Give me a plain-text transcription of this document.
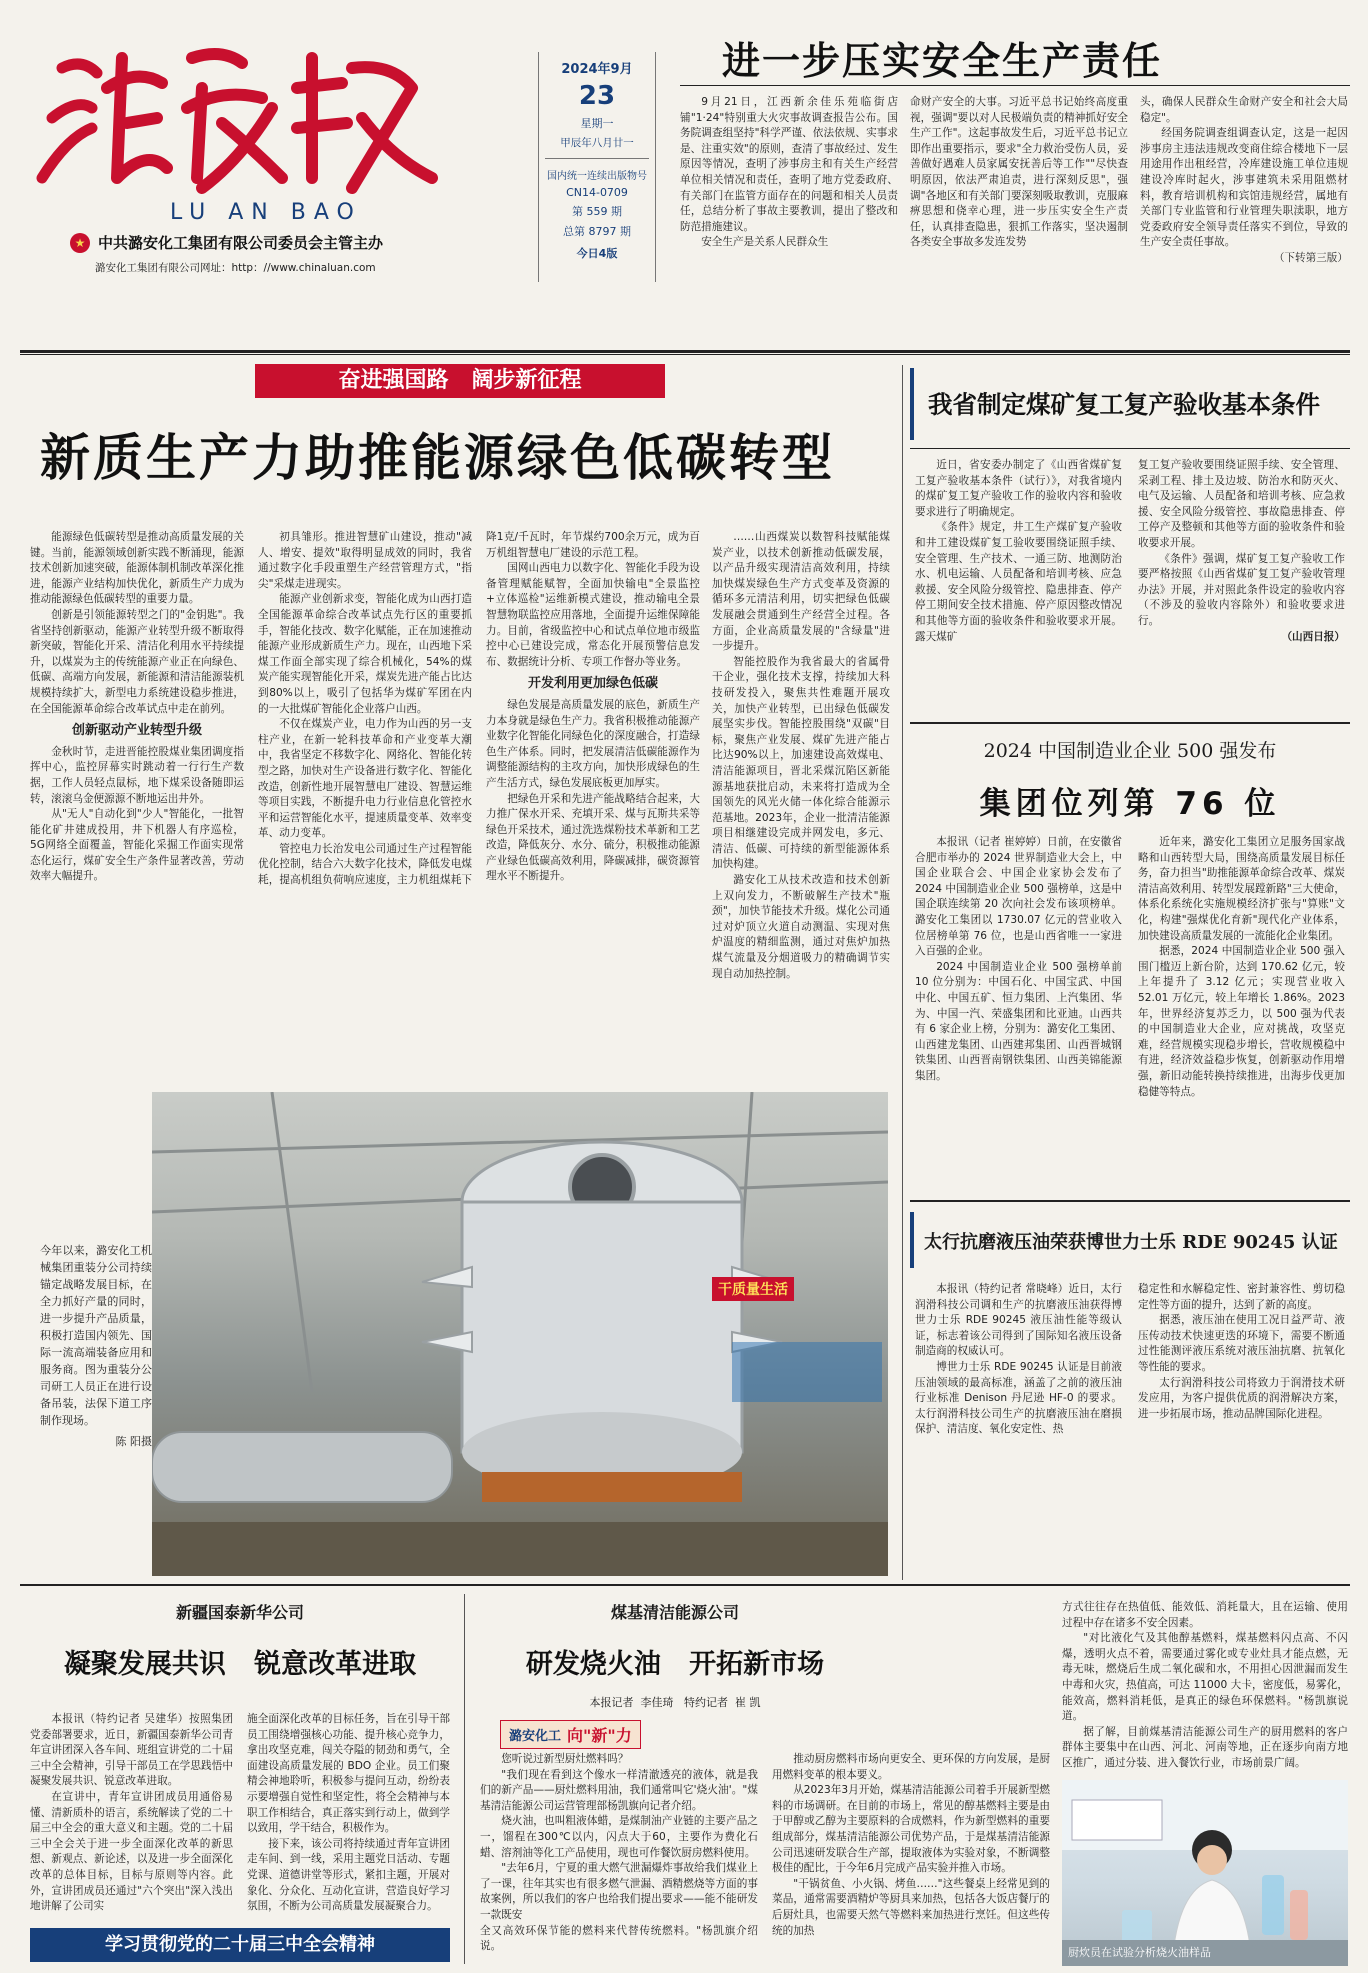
LU AN BAO
★ 中共潞安化工集团有限公司委员会主管主办
潞安化工集团有限公司网址：http：//www.chinaluan.com
2024年9月
23
星期一
甲辰年八月廿一
国内统一连续出版物号
CN14-0709
第 559 期
总第 8797 期
今日4版
进一步压实安全生产责任

9月21日，江西新余佳乐苑临街店铺"1·24"特别重大火灾事故调查报告公布。国务院调查组坚持"科学严谨、依法依规、实事求是、注重实效"的原则，查清了事故经过、发生原因等情况，查明了涉事房主和有关生产经营单位相关情况和责任，查明了地方党委政府、有关部门在监管方面存在的问题和相关人员责任，总结分析了事故主要教训，提出了整改和防范措施建议。

安全生产是关系人民群众生

命财产安全的大事。习近平总书记始终高度重视，强调"要以对人民极端负责的精神抓好安全生产工作"。这起事故发生后，习近平总书记立即作出重要指示，要求"全力救治受伤人员，妥善做好遇难人员家属安抚善后等工作""尽快查明原因，依法严肃追责，进行深刻反思"，强调"各地区和有关部门要深刻吸取教训，克服麻痹思想和侥幸心理，进一步压实安全生产责任，认真排查隐患，狠抓工作落实，坚决遏制各类安全事故多发连发势

头，确保人民群众生命财产安全和社会大局稳定"。

经国务院调查组调查认定，这是一起因涉事房主违法违规改变商住综合楼地下一层用途用作出租经营，冷库建设施工单位违规建设冷库时起火，涉事建筑未采用阻燃材料，教育培训机构和宾馆违规经营，属地有关部门专业监管和行业管理失职渎职，地方党委政府安全领导责任落实不到位，导致的生产安全责任事故。

（下转第三版）
奋进强国路   阔步新征程
新质生产力助推能源绿色低碳转型

能源绿色低碳转型是推动高质量发展的关键。当前，能源领域创新实践不断涌现，能源技术创新加速突破，能源体制机制改革深化推进，能源产业结构加快优化，新质生产力成为推动能源绿色低碳转型的重要力量。

创新是引领能源转型之门的"金钥匙"。我省坚持创新驱动，能源产业转型升级不断取得新突破，智能化开采、清洁化利用水平持续提升，以煤炭为主的传统能源产业正在向绿色、低碳、高端方向发展，新能源和清洁能源装机规模持续扩大，新型电力系统建设稳步推进，在全国能源革命综合改革试点中走在前列。

创新驱动产业转型升级

金秋时节，走进晋能控股煤业集团调度指挥中心，监控屏幕实时跳动着一行行生产数据，工作人员轻点鼠标，地下煤采设备随即运转，滚滚乌金便源源不断地运出井外。

从"无人"自动化到"少人"智能化，一批智能化矿井建成投用，井下机器人有序巡检，5G网络全面覆盖，智能化采掘工作面实现常态化运行，煤矿安全生产条件显著改善，劳动效率大幅提升。

初具雏形。推进智慧矿山建设，推动"减人、增安、提效"取得明显成效的同时，我省通过数字化手段重塑生产经营管理方式，"指尖"采煤走进现实。

能源产业创新求变，智能化成为山西打造全国能源革命综合改革试点先行区的重要抓手，智能化技改、数字化赋能，正在加速推动能源产业形成新质生产力。现在，山西地下采煤工作面全部实现了综合机械化，54%的煤炭产能实现智能化开采，煤炭先进产能占比达到80%以上，吸引了包括华为煤矿军团在内的一大批煤矿智能化企业落户山西。

不仅在煤炭产业，电力作为山西的另一支柱产业，在新一轮科技革命和产业变革大潮中，我省坚定不移数字化、网络化、智能化转型之路，加快对生产设备进行数字化、智能化改造，创新性地开展智慧电厂建设、智慧运维等项目实践，不断提升电力行业信息化管控水平和运营智能化水平，提速质量变革、效率变革、动力变革。

管控电力长治发电公司通过生产过程智能优化控制，结合六大数字化技术，降低发电煤耗，提高机组负荷响应速度，主力机组煤耗下降1克/千瓦时，年节煤约700余万元，成为百万机组智慧电厂建设的示范工程。

国网山西电力以数字化、智能化手段为设备管理赋能赋智，全面加快输电"全景监控+立体巡检"运维新模式建设，推动输电全景智慧物联监控应用落地，全面提升运维保障能力。目前，省级监控中心和试点单位地市级监控中心已建设完成，常态化开展预警信息发布、数据统计分析、专项工作督办等业务。

开发利用更加绿色低碳

绿色发展是高质量发展的底色，新质生产力本身就是绿色生产力。我省积极推动能源产业数字化智能化同绿色化的深度融合，打造绿色生产体系。同时，把发展清洁低碳能源作为调整能源结构的主攻方向，加快形成绿色的生产生活方式，绿色发展底板更加厚实。

把绿色开采和先进产能战略结合起来，大力推广保水开采、充填开采、煤与瓦斯共采等绿色开采技术，通过洗选煤粉技术革新和工艺改造，降低灰分、水分、硫分，积极推动能源产业绿色低碳高效利用，降碳减排，碳资源管理水平不断提升。

……山西煤炭以数智科技赋能煤炭产业，以技术创新推动低碳发展，以产品升级实现清洁高效利用，持续加快煤炭绿色生产方式变革及资源的循环多元清洁利用，切实把绿色低碳发展融会贯通到生产经营全过程。各方面，企业高质量发展的"含绿量"进一步提升。

智能控股作为我省最大的省属骨干企业，强化技术支撑，持续加大科技研发投入，聚焦共性难题开展攻关，加快产业转型，已出绿色低碳发展坚实步伐。智能控股围绕"双碳"目标，聚焦产业发展、煤矿先进产能占比达90%以上，加速建设高效煤电、清洁能源项目，晋北采煤沉陷区新能源基地获批启动，未来将打造成为全国领先的风光火储一体化综合能源示范基地。2023年，企业一批清洁能源项目相继建设完成并网发电，多元、清洁、低碳、可持续的新型能源体系加快构建。

潞安化工从技术改造和技术创新上双向发力，不断破解生产技术"瓶颈"，加快节能技术升级。煤化公司通过对炉顶立火道自动测温、实现对焦炉温度的精细监测，通过对焦炉加热煤气流量及分烟道吸力的精确调节实现自动加热控制。

今年以来，潞安化工机械集团重装分公司持续锚定战略发展目标，在全力抓好产量的同时，进一步提升产品质量，积极打造国内领先、国际一流高端装备应用和服务商。图为重装分公司研工人员正在进行设备吊装，法保下道工序制作现场。
陈 阳摄
干质量生活
我省制定煤矿复工复产验收基本条件

近日，省安委办制定了《山西省煤矿复工复产验收基本条件（试行）》，对我省境内的煤矿复工复产验收工作的验收内容和验收要求进行了明确规定。

《条件》规定，井工生产煤矿复产验收和井工建设煤矿复工验收要围绕证照手续、安全管理、生产技术、一通三防、地测防治水、机电运输、人员配备和培训考核、应急救援、安全风险分级管控、隐患排查、停产停工期间安全技术措施、停产原因整改情况和其他等方面的验收条件和验收要求开展。露天煤矿

复工复产验收要围绕证照手续、安全管理、采剥工程、排土及边坡、防治水和防灭火、电气及运输、人员配备和培训考核、应急救援、安全风险分级管控、事故隐患排查、停工停产及整顿和其他等方面的验收条件和验收要求开展。

《条件》强调，煤矿复工复产验收工作要严格按照《山西省煤矿复工复产验收管理办法》开展，并对照此条件设定的验收内容（不涉及的验收内容除外）和验收要求进行。

（山西日报）
2024 中国制造业企业 500 强发布
集团位列第 76 位

本报讯（记者 崔婷婷）日前，在安徽省合肥市举办的 2024 世界制造业大会上，中国企业联合会、中国企业家协会发布了 2024 中国制造业企业 500 强榜单，这是中国企联连续第 20 次向社会发布该项榜单。潞安化工集团以 1730.07 亿元的营业收入位居榜单第 76 位，也是山西省唯一一家进入百强的企业。

2024 中国制造业企业 500 强榜单前 10 位分别为：中国石化、中国宝武、中国中化、中国五矿、恒力集团、上汽集团、华为、中国一汽、荣盛集团和比亚迪。山西共有 6 家企业上榜，分别为：潞安化工集团、山西建龙集团、山西建邦集团、山西晋城钢铁集团、山西晋南钢铁集团、山西美锦能源集团。

近年来，潞安化工集团立足服务国家战略和山西转型大局，围绕高质量发展目标任务，奋力担当"助推能源革命综合改革、煤炭清洁高效利用、转型发展蹚新路"三大使命，体系化系统化实施规模经济扩张与"算账"文化，构建"强煤优化育新"现代化产业体系，加快建设高质量发展的一流能化企业集团。

据悉，2024 中国制造业企业 500 强入围门槛迈上新台阶，达到 170.62 亿元，较上年提升了 3.12 亿元；实现营业收入 52.01 万亿元，较上年增长 1.86%。2023 年，世界经济复苏乏力，以 500 强为代表的中国制造业大企业，应对挑战，攻坚克难，经营规模实现稳步增长，营收规模稳中有进，经济效益稳步恢复，创新驱动作用增强，新旧动能转换持续推进，出海步伐更加稳健等特点。

太行抗磨液压油荣获博世力士乐 RDE 90245 认证

本报讯（特约记者 常晓峰）近日，太行润滑科技公司调和生产的抗磨液压油获得博世力士乐 RDE 90245 液压油性能等级认证，标志着该公司得到了国际知名液压设备制造商的权威认可。

博世力士乐 RDE 90245 认证是目前液压油领域的最高标准，涵盖了之前的液压油行业标准 Denison 丹尼逊 HF-0 的要求。太行润滑科技公司生产的抗磨液压油在磨损保护、清洁度、氧化安定性、热

稳定性和水解稳定性、密封兼容性、剪切稳定性等方面的提升，达到了新的高度。

据悉，液压油在使用工况日益严苛、液压传动技术快速更迭的环境下，需要不断通过性能测评液压系统对液压油抗磨、抗氧化等性能的要求。

太行润滑科技公司将致力于润滑技术研发应用，为客户提供优质的润滑解决方案，进一步拓展市场，推动品牌国际化进程。

新疆国泰新华公司
凝聚发展共识   锐意改革进取

本报讯（特约记者 吴建华）按照集团党委部署要求，近日，新疆国泰新华公司青年宣讲团深入各车间、班组宣讲党的二十届三中全会精神，引导干部员工在学思践悟中凝聚发展共识、锐意改革进取。

在宣讲中，青年宣讲团成员用通俗易懂、清新质朴的语言，系统解读了党的二十届三中全会的重大意义和主题。党的二十届三中全会关于进一步全面深化改革的新思想、新观点、新论述，以及进一步全面深化改革的总体目标，目标与原则等内容。此外，宣讲团成员还通过"六个突出"深入浅出地讲解了公司实

施全面深化改革的目标任务，旨在引导干部员工围绕增强核心功能、提升核心竞争力，拿出攻坚克难，闯关夺隘的韧劲和勇气，全面建设高质量发展的 BDO 企业。员工们聚精会神地聆听，积极参与提问互动，纷纷表示要增强自觉性和坚定性，将全会精神与本职工作相结合，真正落实到行动上，做到学以致用，学干结合，积极作为。

接下来，该公司将持续通过青年宣讲团走车间、到一线，采用主题党日活动、专题党课、道德讲堂等形式，紧扣主题，开展对象化、分众化、互动化宣讲，营造良好学习氛围，不断为公司高质量发展凝聚合力。

学习贯彻党的二十届三中全会精神
煤基清洁能源公司
研发烧火油   开拓新市场
本报记者  李佳琦   特约记者  崔 凯
潞安化工 向"新"力

您听说过新型厨灶燃料吗？

"我们现在看到这个像水一样清澈透亮的液体，就是我们的新产品——厨灶燃料用油，我们通常叫它'烧火油'。"煤基清洁能源公司运营管理部杨凯旗向记者介绍。

烧火油，也叫粗液体蜡，是煤制油产业链的主要产品之一，馏程在300℃以内，闪点大于60，主要作为费化石蜡、溶剂油等化工产品使用，现也可作餐饮厨房燃料使用。

"去年6月，宁夏的重大燃气泄漏爆炸事故给我们煤业上了一课，往年其实也有很多燃气泄漏、酒精燃烧等方面的事故案例，所以我们的客户也给我们提出要求——能不能研发一款既安

全又高效环保节能的燃料来代替传统燃料。"杨凯旗介绍说。

推动厨房燃料市场向更安全、更环保的方向发展，是厨用燃料变革的根本要义。

从2023年3月开始，煤基清洁能源公司着手开展新型燃料的市场调研。在目前的市场上，常见的醇基燃料主要是由于甲醇或乙醇为主要原料的合成燃料，作为新型燃料的重要组成部分，煤基清洁能源公司优势产品，于是煤基清洁能源公司迅速研发联合生产部，提取液体为实验对象，不断调整极佳的配比，于今年6月完成产品实验并推入市场。

"干锅贫鱼、小火锅、烤鱼……"这些餐桌上经常见到的菜品，通常需要酒精炉等厨具来加热，包括各大饭店餐厅的后厨灶具，也需要天然气等燃料来加热进行烹饪。但这些传统的加热

方式往往存在热值低、能效低、消耗量大，且在运输、使用过程中存在诸多不安全因素。

"对比液化气及其他醇基燃料，煤基燃料闪点高、不闪爆，透明火点不着，需要通过雾化或专业灶具才能点燃，无毒无味，燃烧后生成二氧化碳和水，不用担心因泄漏而发生中毒和火灾，热值高，可达 11000 大卡，密度低，易雾化，能效高，燃料消耗低，是真正的绿色环保燃料。"杨凯旗说道。

据了解，目前煤基清洁能源公司生产的厨用燃料的客户群体主要集中在山西、河北、河南等地，正在逐步向南方地区推广，通过分装、进入餐饮行业，市场前景广阔。

厨炊员在试验分析烧火油样品
